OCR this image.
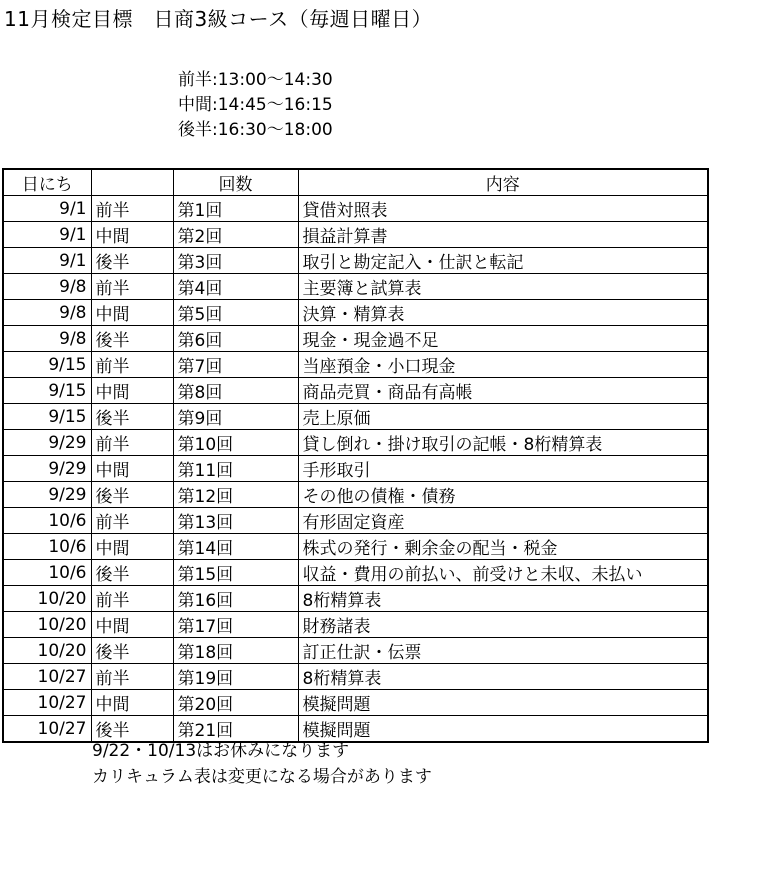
11月検定目標　日商3級コース（毎週日曜日）
前半:13:00～14:30
中間:14:45～16:15
後半:16:30～18:00
日にち		回数	内容
9/1	前半	第1回	貸借対照表
9/1	中間	第2回	損益計算書
9/1	後半	第3回	取引と勘定記入・仕訳と転記
9/8	前半	第4回	主要簿と試算表
9/8	中間	第5回	決算・精算表
9/8	後半	第6回	現金・現金過不足
9/15	前半	第7回	当座預金・小口現金
9/15	中間	第8回	商品売買・商品有高帳
9/15	後半	第9回	売上原価
9/29	前半	第10回	貸し倒れ・掛け取引の記帳・8桁精算表
9/29	中間	第11回	手形取引
9/29	後半	第12回	その他の債権・債務
10/6	前半	第13回	有形固定資産
10/6	中間	第14回	株式の発行・剰余金の配当・税金
10/6	後半	第15回	収益・費用の前払い、前受けと未収、未払い
10/20	前半	第16回	8桁精算表
10/20	中間	第17回	財務諸表
10/20	後半	第18回	訂正仕訳・伝票
10/27	前半	第19回	8桁精算表
10/27	中間	第20回	模擬問題
10/27	後半	第21回	模擬問題
9/22・10/13はお休みになります
カリキュラム表は変更になる場合があります
